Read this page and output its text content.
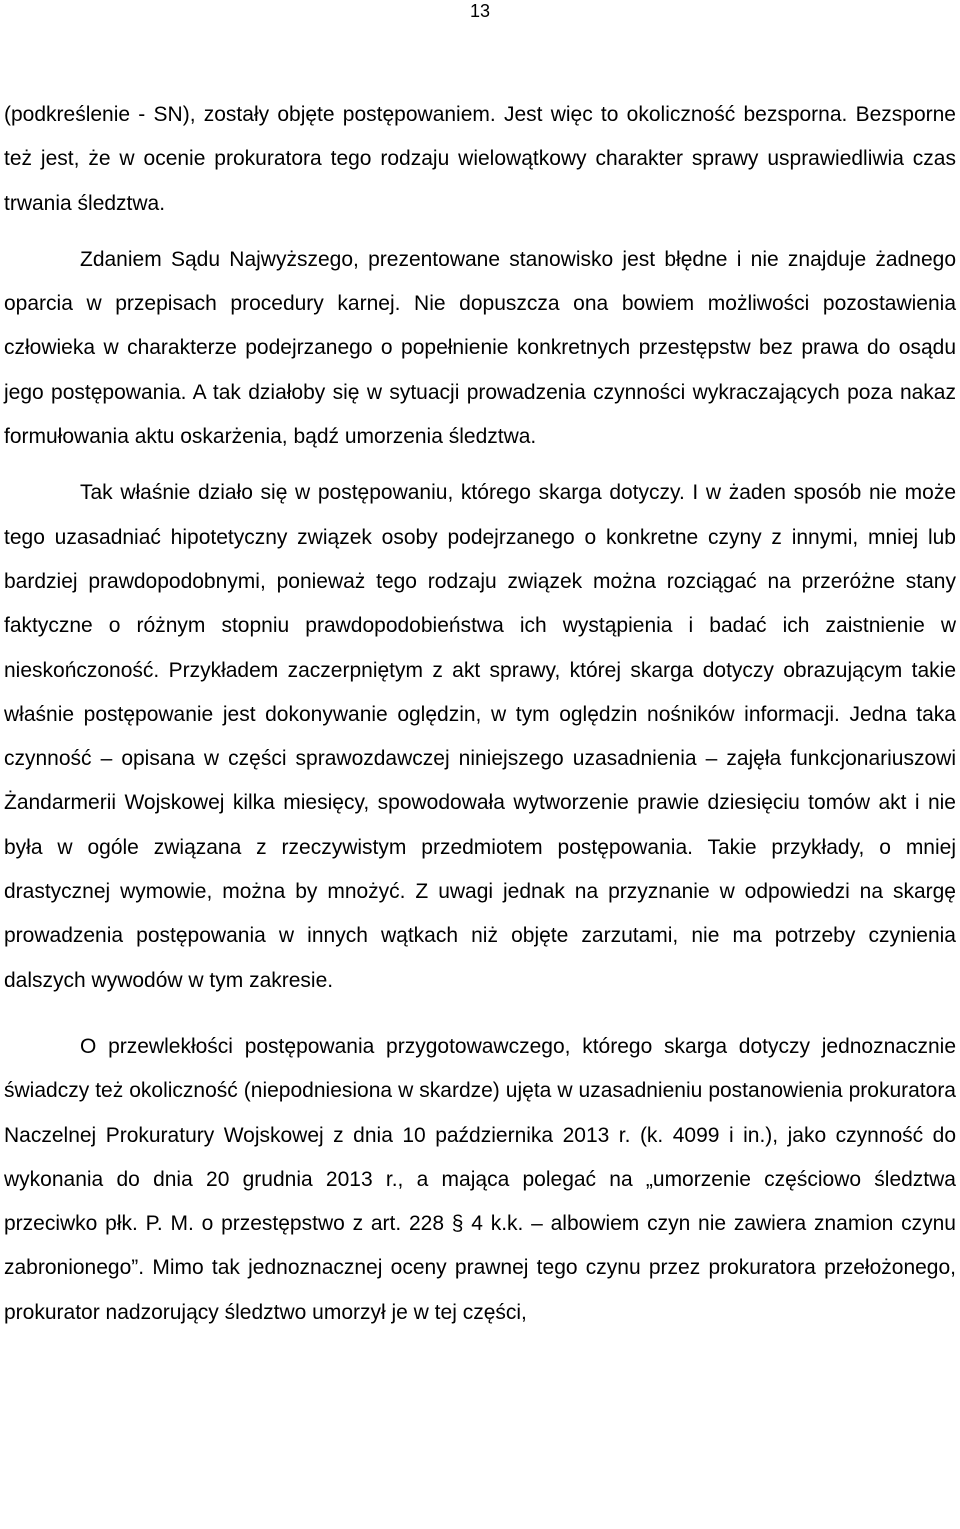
13

(podkreślenie - SN), zostały objęte postępowaniem. Jest więc to okoliczność bezsporna. Bezsporne też jest, że w ocenie prokuratora tego rodzaju wielowątkowy charakter sprawy usprawiedliwia czas trwania śledztwa.

Zdaniem Sądu Najwyższego, prezentowane stanowisko jest błędne i nie znajduje żadnego oparcia w przepisach procedury karnej. Nie dopuszcza ona bowiem możliwości pozostawienia człowieka w charakterze podejrzanego o popełnienie konkretnych przestępstw bez prawa do osądu jego postępowania. A tak działoby się w sytuacji prowadzenia czynności wykraczających poza nakaz formułowania aktu oskarżenia, bądź umorzenia śledztwa.

Tak właśnie działo się w postępowaniu, którego skarga dotyczy. I w żaden sposób nie może tego uzasadniać hipotetyczny związek osoby podejrzanego o konkretne czyny z innymi, mniej lub bardziej prawdopodobnymi, ponieważ tego rodzaju związek można rozciągać na przeróżne stany faktyczne o różnym stopniu prawdopodobieństwa ich wystąpienia i badać ich zaistnienie w nieskończoność. Przykładem zaczerpniętym z akt sprawy, której skarga dotyczy obrazującym takie właśnie postępowanie jest dokonywanie oględzin, w tym oględzin nośników informacji. Jedna taka czynność – opisana w części sprawozdawczej niniejszego uzasadnienia – zajęła funkcjonariuszowi Żandarmerii Wojskowej kilka miesięcy, spowodowała wytworzenie prawie dziesięciu tomów akt i nie była w ogóle związana z rzeczywistym przedmiotem postępowania. Takie przykłady, o mniej drastycznej wymowie, można by mnożyć. Z uwagi jednak na przyznanie w odpowiedzi na skargę prowadzenia postępowania w innych wątkach niż objęte zarzutami, nie ma potrzeby czynienia dalszych wywodów w tym zakresie.

O przewlekłości postępowania przygotowawczego, którego skarga dotyczy jednoznacznie świadczy też okoliczność (niepodniesiona w skardze) ujęta w uzasadnieniu postanowienia prokuratora Naczelnej Prokuratury Wojskowej z dnia 10 października 2013 r. (k. 4099 i in.), jako czynność do wykonania do dnia 20 grudnia 2013 r., a mająca polegać na „umorzenie częściowo śledztwa przeciwko płk. P. M. o przestępstwo z art. 228 § 4 k.k. – albowiem czyn nie zawiera znamion czynu zabronionego”. Mimo tak jednoznacznej oceny prawnej tego czynu przez prokuratora przełożonego, prokurator nadzorujący śledztwo umorzył je w tej części,
